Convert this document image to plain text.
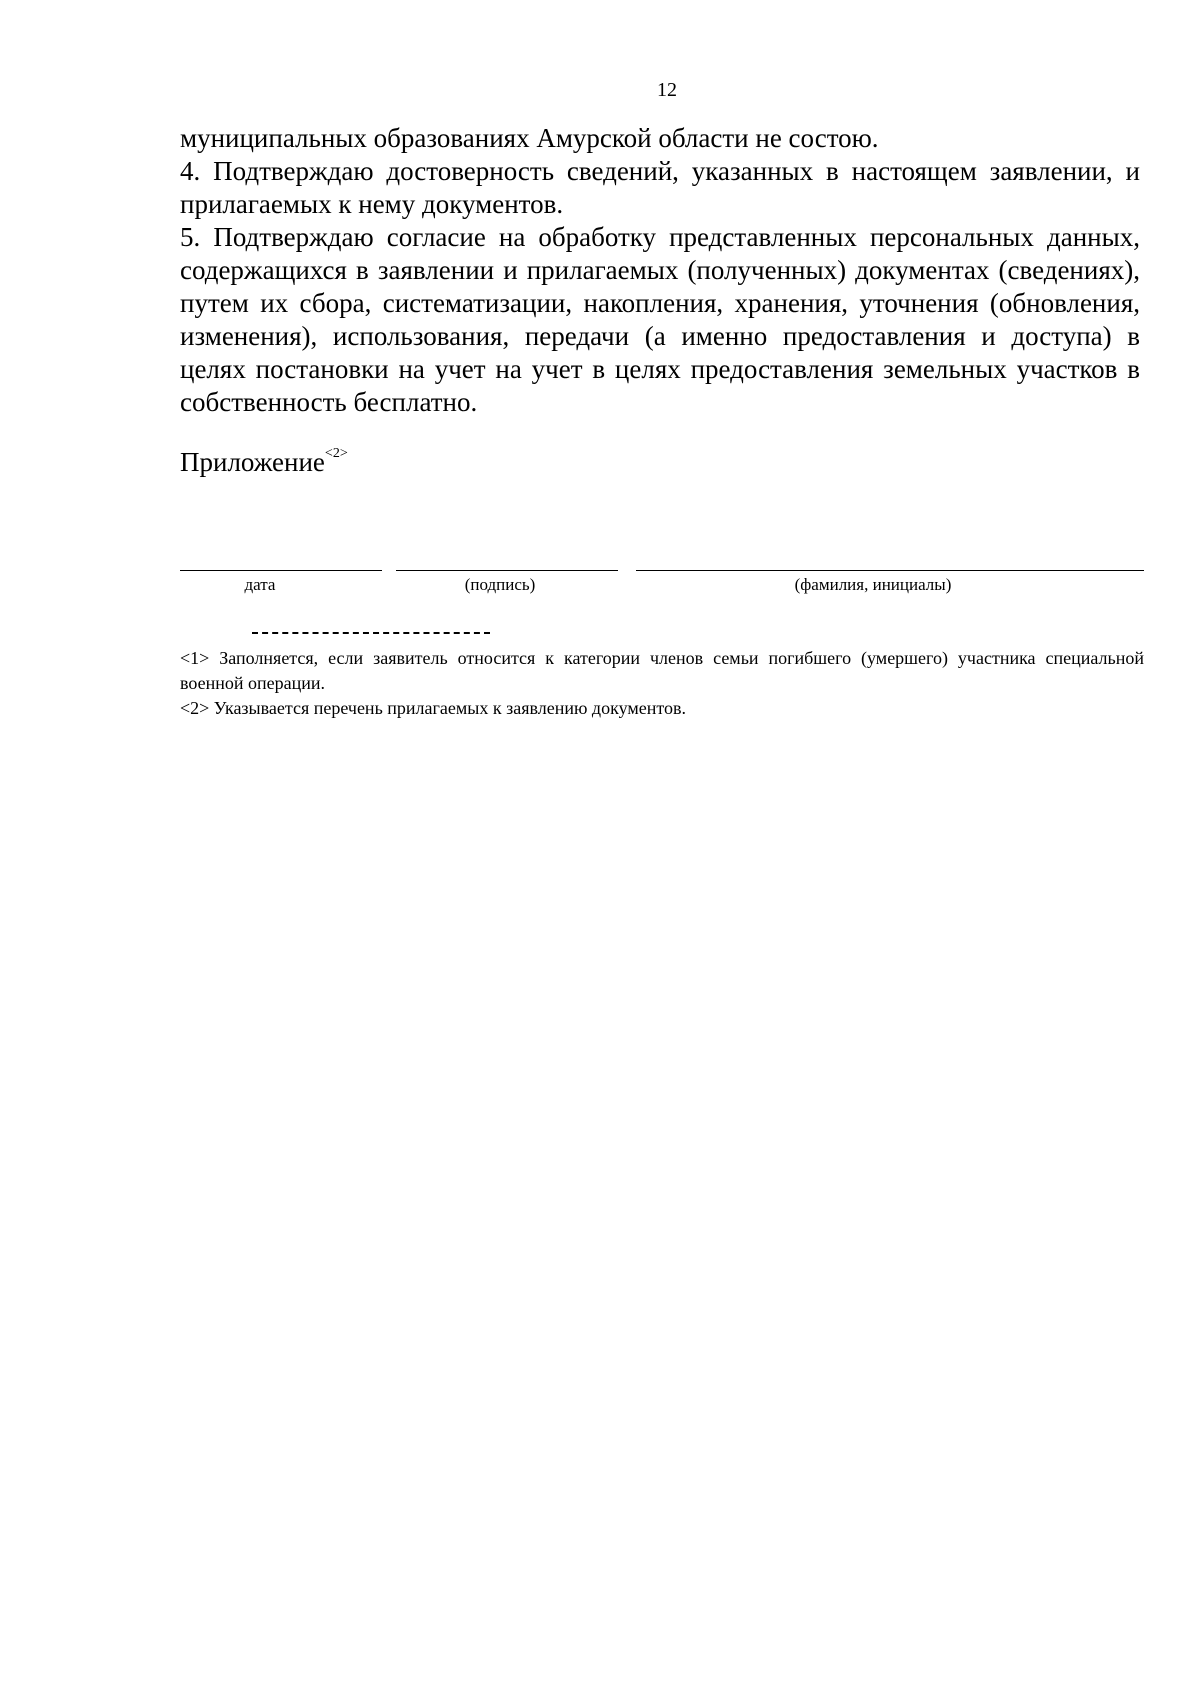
12

муниципальных образованиях Амурской области не состою.

4. Подтверждаю достоверность сведений, указанных в настоящем заявлении, и прилагаемых к нему документов.

5. Подтверждаю согласие на обработку представленных персональных данных, содержащихся в заявлении и прилагаемых (полученных) документах (сведениях), путем их сбора, систематизации, накопления, хранения, уточнения (обновления, изменения), использования, передачи (а именно предоставления и доступа) в целях постановки на учет на учет в целях предоставления земельных участков в собственность бесплатно.

Приложение$^{<2>}$
дата	(подпись)	(фамилия, инициалы)

<1> Заполняется, если заявитель относится к категории членов семьи погибшего (умершего) участника специальной военной операции.

<2> Указывается перечень прилагаемых к заявлению документов.
